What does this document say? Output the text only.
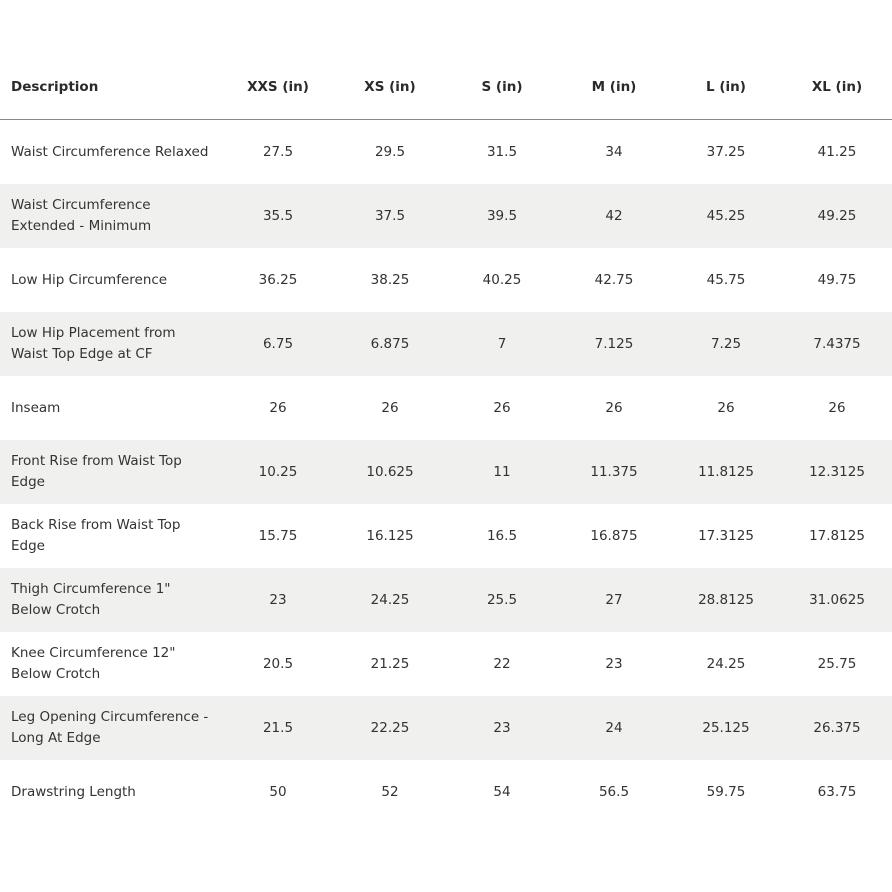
Description	XXS (in)	XS (in)	S (in)	M (in)	L (in)	XL (in)
Waist Circumference Relaxed	27.5	29.5	31.5	34	37.25	41.25
Waist Circumference Extended - Minimum	35.5	37.5	39.5	42	45.25	49.25
Low Hip Circumference	36.25	38.25	40.25	42.75	45.75	49.75
Low Hip Placement from Waist Top Edge at CF	6.75	6.875	7	7.125	7.25	7.4375
Inseam	26	26	26	26	26	26
Front Rise from Waist Top Edge	10.25	10.625	11	11.375	11.8125	12.3125
Back Rise from Waist Top Edge	15.75	16.125	16.5	16.875	17.3125	17.8125
Thigh Circumference 1" Below Crotch	23	24.25	25.5	27	28.8125	31.0625
Knee Circumference 12" Below Crotch	20.5	21.25	22	23	24.25	25.75
Leg Opening Circumference - Long At Edge	21.5	22.25	23	24	25.125	26.375
Drawstring Length	50	52	54	56.5	59.75	63.75
